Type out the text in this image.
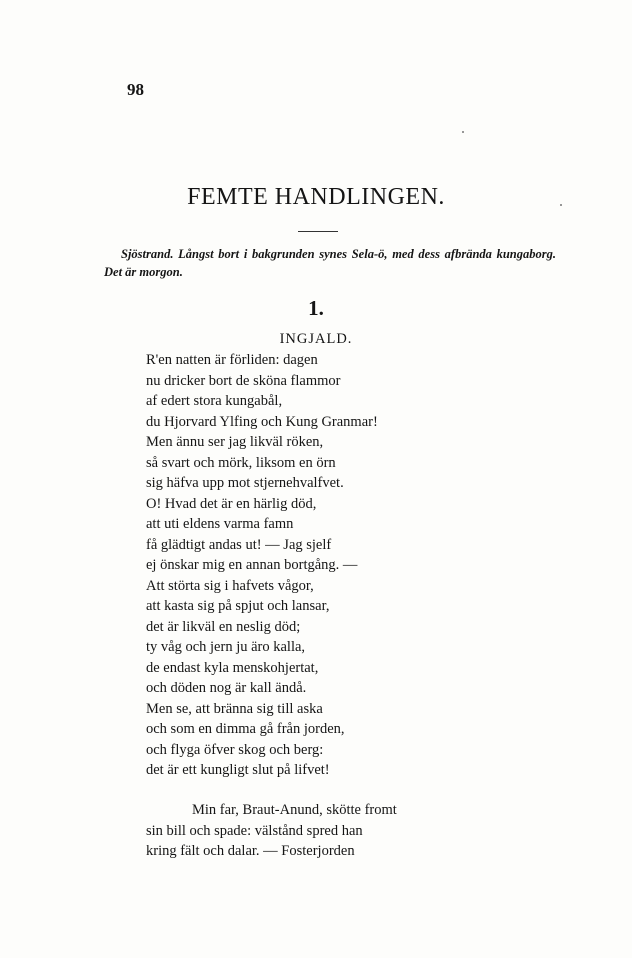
98
FEMTE HANDLINGEN.
Sjöstrand. Långst bort i bakgrunden synes Sela-ö, med dess afbrända kungaborg. Det är morgon.
1.
INGJALD.
R'en natten är förliden: dagen
nu dricker bort de sköna flammor
af edert stora kungabål,
du Hjorvard Ylfing och Kung Granmar!
Men ännu ser jag likväl röken,
så svart och mörk, liksom en örn
sig häfva upp mot stjernehvalfvet.
O! Hvad det är en härlig död,
att uti eldens varma famn
få glädtigt andas ut! — Jag sjelf
ej önskar mig en annan bortgång. —
Att störta sig i hafvets vågor,
att kasta sig på spjut och lansar,
det är likväl en neslig död;
ty våg och jern ju äro kalla,
de endast kyla menskohjertat,
och döden nog är kall ändå.
Men se, att bränna sig till aska
och som en dimma gå från jorden,
och flyga öfver skog och berg:
det är ett kungligt slut på lifvet!
Min far, Braut-Anund, skötte fromt
sin bill och spade: välstånd spred han
kring fält och dalar. — Fosterjorden
